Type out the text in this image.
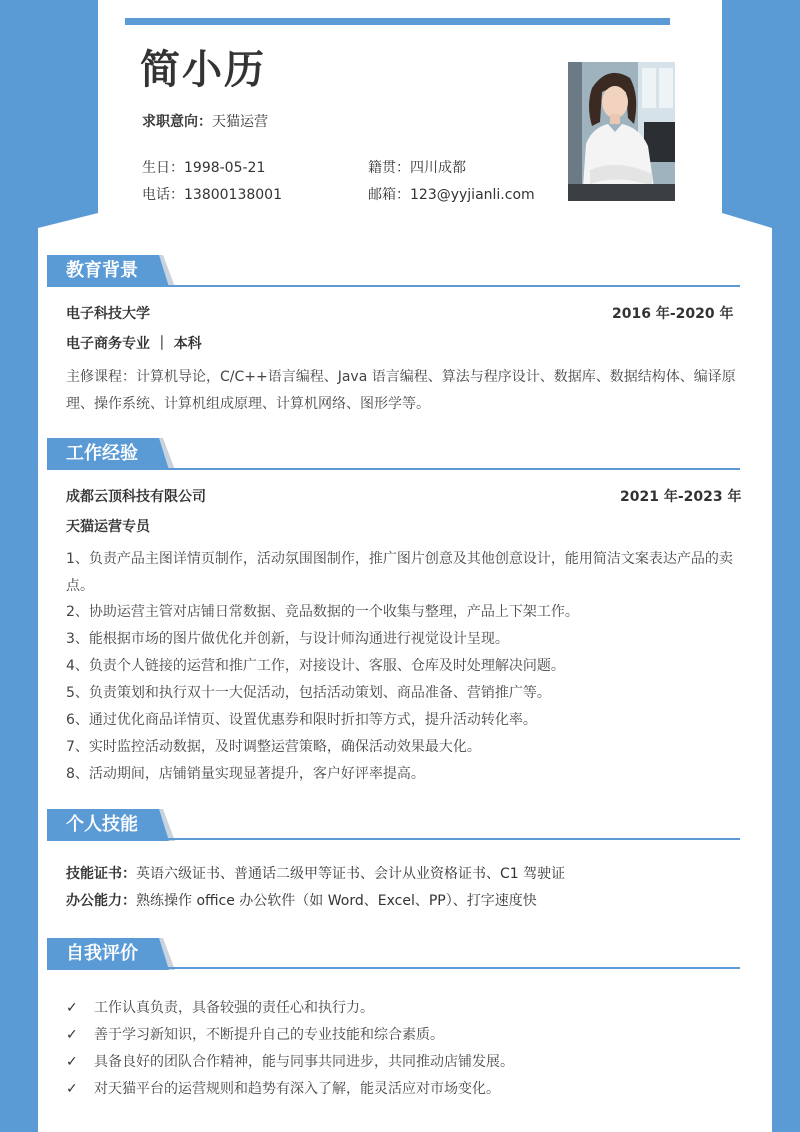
简小历
求职意向：天猫运营
生日：1998-05-21	籍贯：四川成都
电话：13800138001	邮箱：123@yyjianli.com
教育背景
电子科技大学	2016 年-2020 年
电子商务专业 ｜ 本科
主修课程：计算机导论，C/C++语言编程、Java 语言编程、算法与程序设计、数据库、数据结构体、编译原理、操作系统、计算机组成原理、计算机网络、图形学等。
工作经验
成都云顶科技有限公司	2021 年-2023 年
天猫运营专员
1、负责产品主图详情页制作，活动氛围图制作，推广图片创意及其他创意设计，能用简洁文案表达产品的卖点。
2、协助运营主管对店铺日常数据、竞品数据的一个收集与整理，产品上下架工作。
3、能根据市场的图片做优化并创新，与设计师沟通进行视觉设计呈现。
4、负责个人链接的运营和推广工作，对接设计、客服、仓库及时处理解决问题。
5、负责策划和执行双十一大促活动，包括活动策划、商品准备、营销推广等。
6、通过优化商品详情页、设置优惠券和限时折扣等方式，提升活动转化率。
7、实时监控活动数据，及时调整运营策略，确保活动效果最大化。
8、活动期间，店铺销量实现显著提升，客户好评率提高。
个人技能
技能证书：英语六级证书、普通话二级甲等证书、会计从业资格证书、C1 驾驶证
办公能力：熟练操作 office 办公软件（如 Word、Excel、PP）、打字速度快
自我评价
✓ 工作认真负责，具备较强的责任心和执行力。
✓ 善于学习新知识，不断提升自己的专业技能和综合素质。
✓ 具备良好的团队合作精神，能与同事共同进步，共同推动店铺发展。
✓ 对天猫平台的运营规则和趋势有深入了解，能灵活应对市场变化。
